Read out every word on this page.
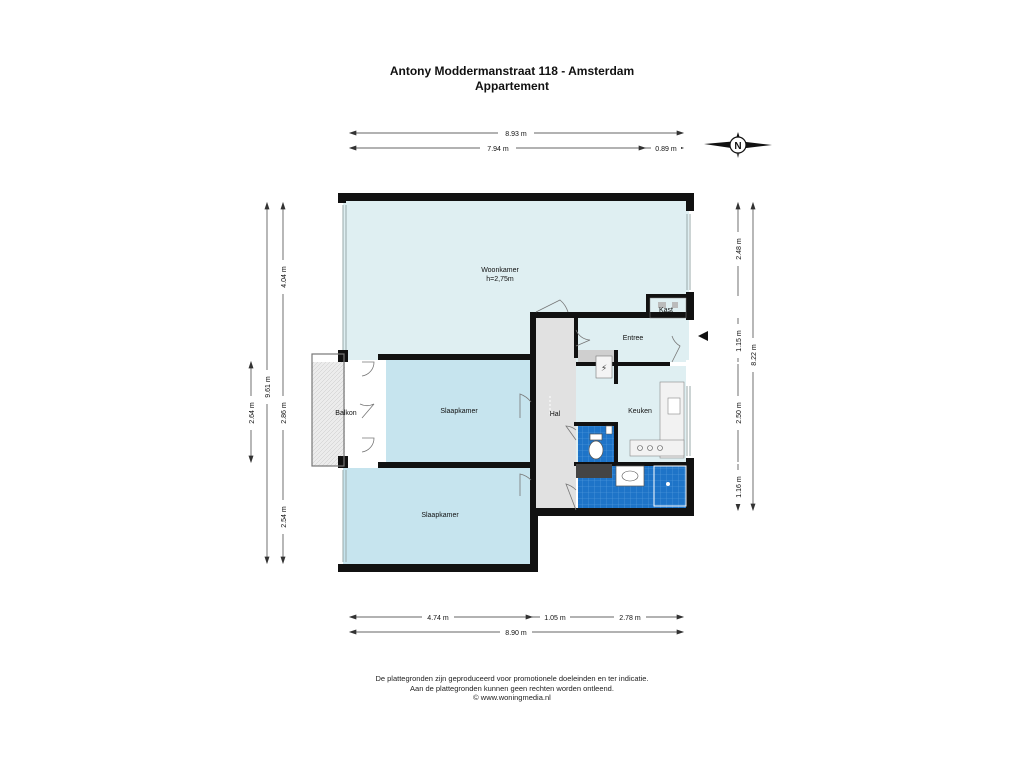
Antony Moddermanstraat 118 - Amsterdam
Appartement
⚡
Woonkamer
h=2,75m
Kast
Entree
Balkon	Slaapkamer	Hal	Keuken
Slaapkamer
8.93 m
7.94 m	0.89 m
4.74 m	1.05 m	2.78 m
8.90 m
9.61 m
4.04 m
2.86 m
2.54 m
2.64 m
2.48 m
1.15 m
2.50 m
1.16 m
8.22 m
N
De plattegronden zijn geproduceerd voor promotionele doeleinden en ter indicatie.
Aan de plattegronden kunnen geen rechten worden ontleend.
© www.woningmedia.nl
